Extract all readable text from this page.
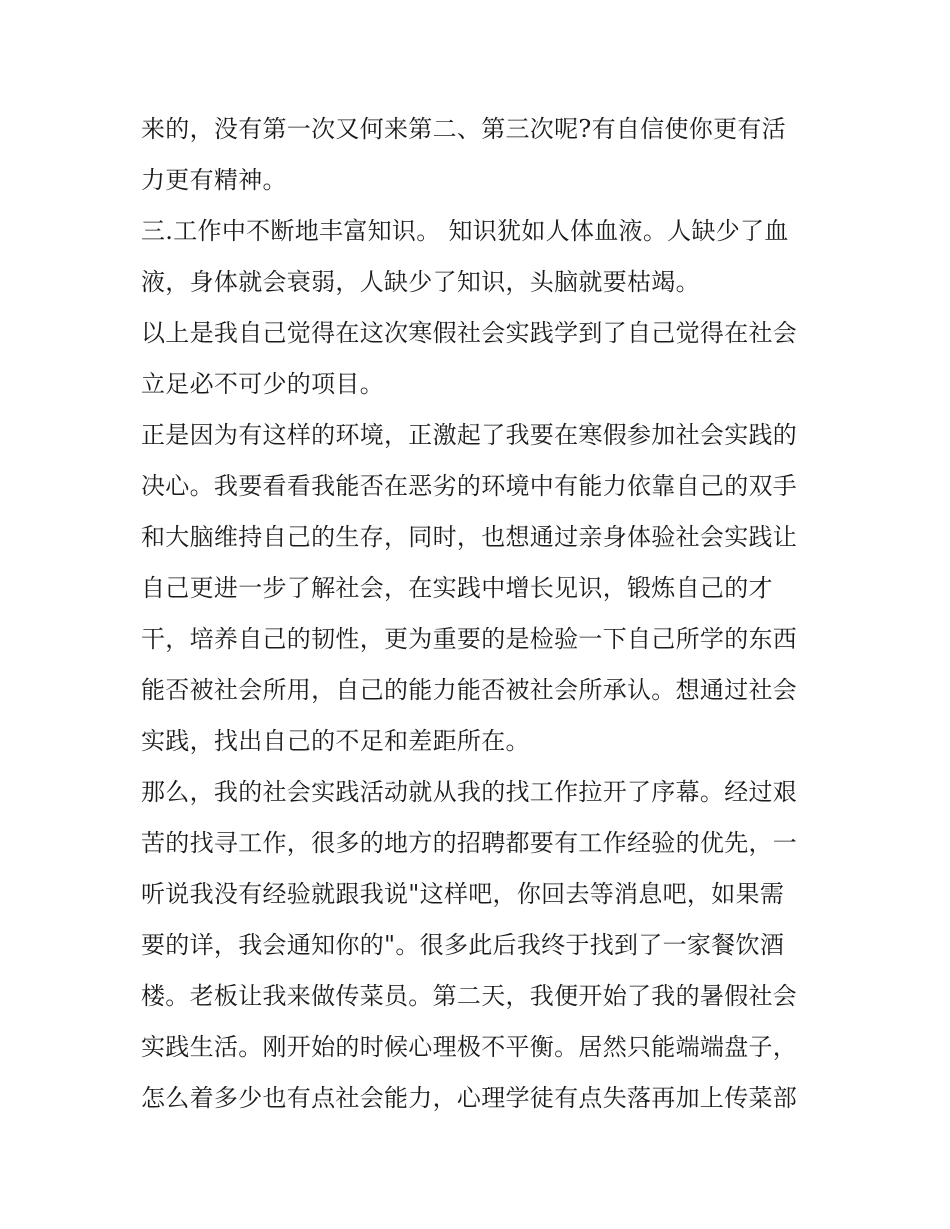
来的，没有第一次又何来第二、第三次呢?有自信使你更有活
力更有精神。
三.工作中不断地丰富知识。 知识犹如人体血液。人缺少了血
液，身体就会衰弱，人缺少了知识，头脑就要枯竭。
以上是我自己觉得在这次寒假社会实践学到了自己觉得在社会
立足必不可少的项目。
正是因为有这样的环境，正激起了我要在寒假参加社会实践的
决心。我要看看我能否在恶劣的环境中有能力依靠自己的双手
和大脑维持自己的生存，同时，也想通过亲身体验社会实践让
自己更进一步了解社会，在实践中增长见识，锻炼自己的才
干，培养自己的韧性，更为重要的是检验一下自己所学的东西
能否被社会所用，自己的能力能否被社会所承认。想通过社会
实践，找出自己的不足和差距所在。
那么，我的社会实践活动就从我的找工作拉开了序幕。经过艰
苦的找寻工作，很多的地方的招聘都要有工作经验的优先，一
听说我没有经验就跟我说"这样吧，你回去等消息吧，如果需
要的详，我会通知你的"。很多此后我终于找到了一家餐饮酒
楼。老板让我来做传菜员。第二天，我便开始了我的暑假社会
实践生活。刚开始的时候心理极不平衡。居然只能端端盘子，
怎么着多少也有点社会能力，心理学徒有点失落再加上传菜部
